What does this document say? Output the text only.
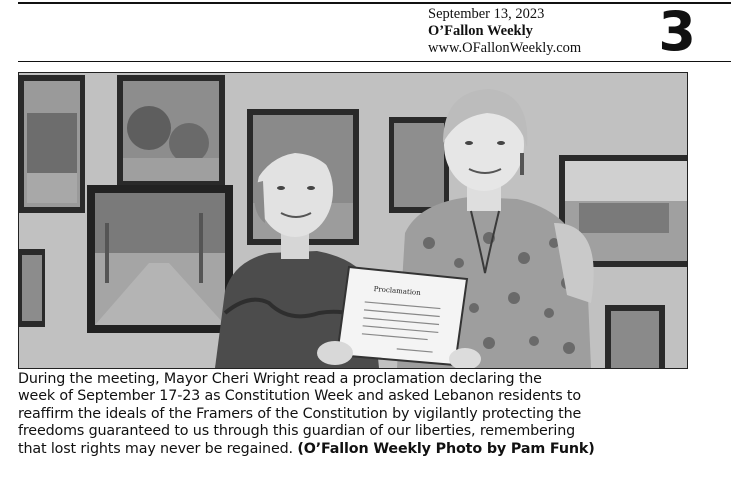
September 13, 2023
O’Fallon Weekly
www.OFallonWeekly.com	3
Proclamation
During the meeting, Mayor Cheri Wright read a proclamation declaring the
week of September 17-23 as Constitution Week and asked Lebanon residents to
reaffirm the ideals of the Framers of the Constitution by vigilantly protecting the
freedoms guaranteed to us through this guardian of our liberties, remembering
that lost rights may never be regained. (O’Fallon Weekly Photo by Pam Funk)
